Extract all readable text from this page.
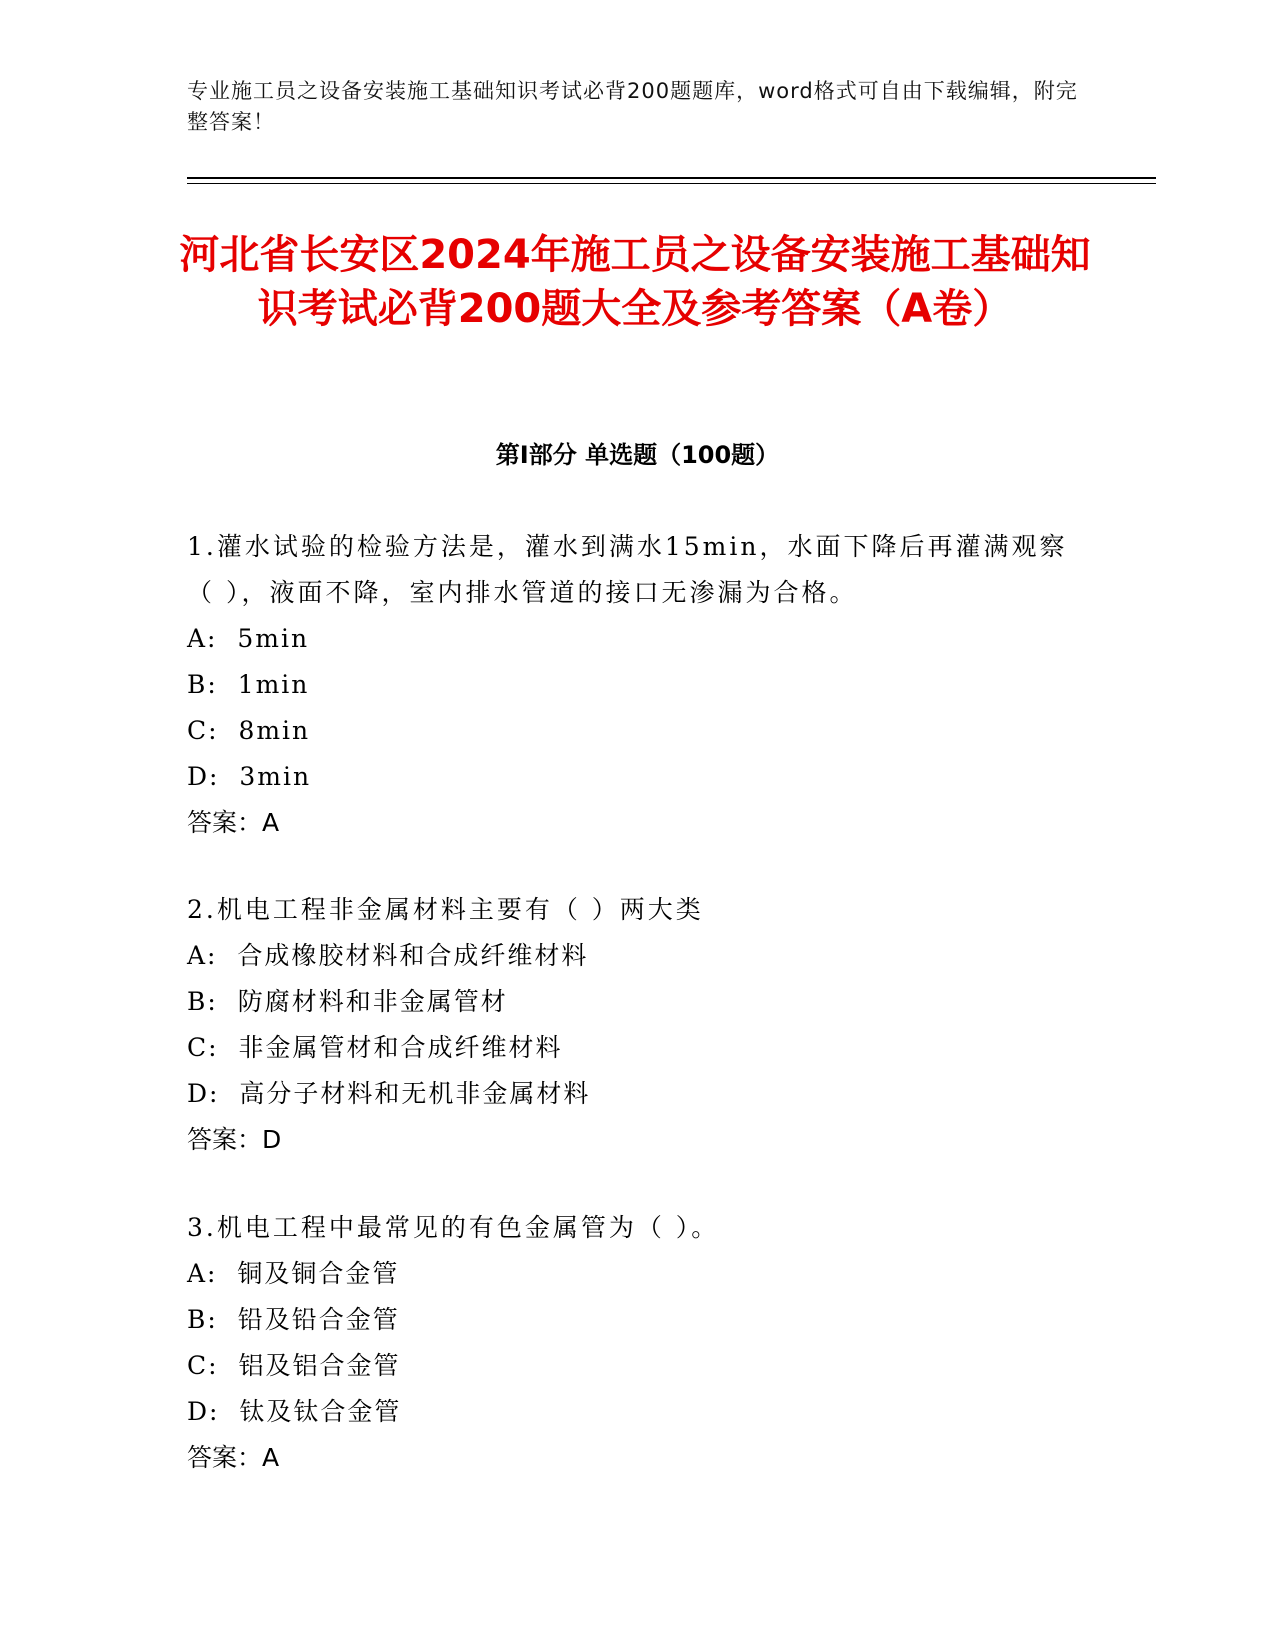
专业施工员之设备安装施工基础知识考试必背200题题库，word格式可自由下载编辑，附完整答案！
河北省长安区2024年施工员之设备安装施工基础知识考试必背200题大全及参考答案（A卷）
第I部分 单选题（100题）

1.灌水试验的检验方法是，灌水到满水15min，水面下降后再灌满观察（ ），液面不降，室内排水管道的接口无渗漏为合格。

A:  5min

B:  1min

C:  8min

D:  3min

答案：A

2.机电工程非金属材料主要有（ ）两大类

A:  合成橡胶材料和合成纤维材料

B:  防腐材料和非金属管材

C:  非金属管材和合成纤维材料

D:  高分子材料和无机非金属材料

答案：D

3.机电工程中最常见的有色金属管为（ ）。

A:  铜及铜合金管

B:  铅及铅合金管

C:  铝及铝合金管

D:  钛及钛合金管

答案：A
